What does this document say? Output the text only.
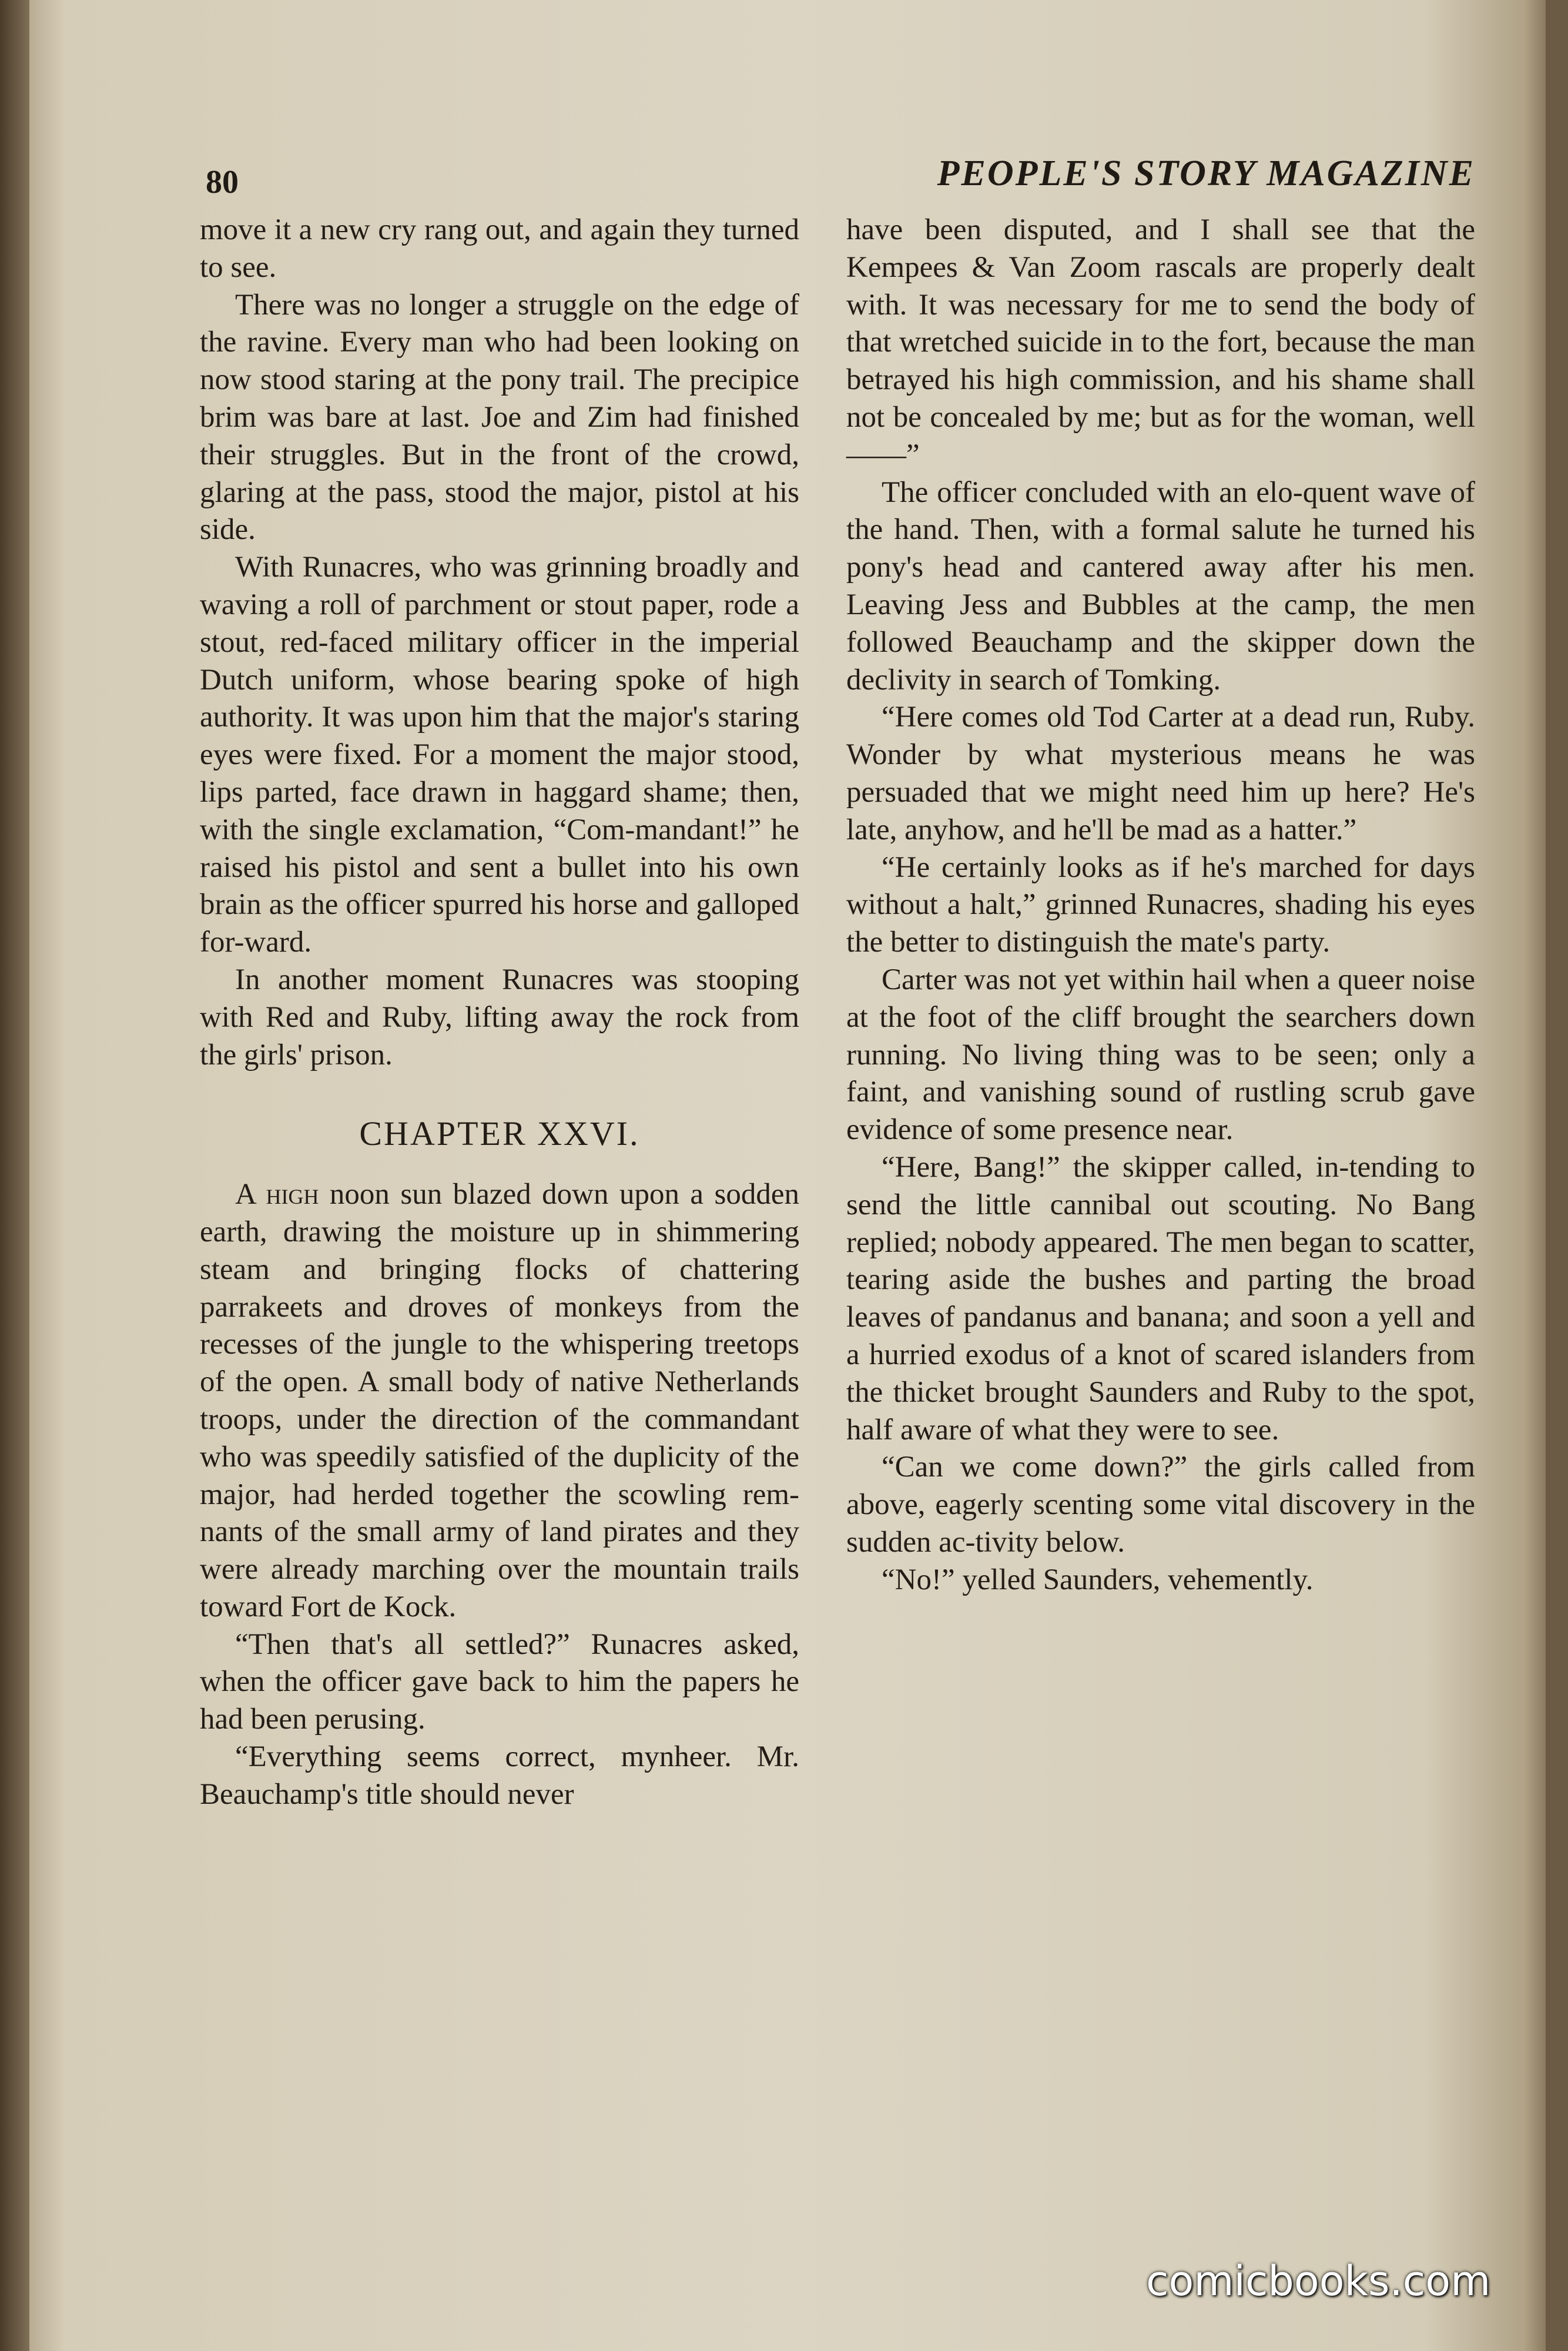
80	PEOPLE'S STORY MAGAZINE

move it a new cry rang out, and again they turned to see.

There was no longer a struggle on the edge of the ravine. Every man who had been looking on now stood staring at the pony trail. The precipice brim was bare at last. Joe and Zim had finished their struggles. But in the front of the crowd, glaring at the pass, stood the major, pistol at his side.

With Runacres, who was grinning broadly and waving a roll of parchment or stout paper, rode a stout, red-faced military officer in the imperial Dutch uniform, whose bearing spoke of high authority. It was upon him that the major's staring eyes were fixed. For a moment the major stood, lips parted, face drawn in haggard shame; then, with the single exclamation, “Com-mandant!” he raised his pistol and sent a bullet into his own brain as the officer spurred his horse and galloped for-ward.

In another moment Runacres was stooping with Red and Ruby, lifting away the rock from the girls' prison.

CHAPTER XXVI.

A high noon sun blazed down upon a sodden earth, drawing the moisture up in shimmering steam and bringing flocks of chattering parrakeets and droves of monkeys from the recesses of the jungle to the whispering treetops of the open. A small body of native Netherlands troops, under the direction of the commandant who was speedily satisfied of the duplicity of the major, had herded together the scowling rem-nants of the small army of land pirates and they were already marching over the mountain trails toward Fort de Kock.

“Then that's all settled?” Runacres asked, when the officer gave back to him the papers he had been perusing.

“Everything seems correct, mynheer. Mr. Beauchamp's title should never

have been disputed, and I shall see that the Kempees & Van Zoom rascals are properly dealt with. It was necessary for me to send the body of that wretched suicide in to the fort, because the man betrayed his high commission, and his shame shall not be concealed by me; but as for the woman, well——”

The officer concluded with an elo-quent wave of the hand. Then, with a formal salute he turned his pony's head and cantered away after his men. Leaving Jess and Bubbles at the camp, the men followed Beauchamp and the skipper down the declivity in search of Tomking.

“Here comes old Tod Carter at a dead run, Ruby. Wonder by what mysterious means he was persuaded that we might need him up here? He's late, anyhow, and he'll be mad as a hatter.”

“He certainly looks as if he's marched for days without a halt,” grinned Runacres, shading his eyes the better to distinguish the mate's party.

Carter was not yet within hail when a queer noise at the foot of the cliff brought the searchers down running. No living thing was to be seen; only a faint, and vanishing sound of rustling scrub gave evidence of some presence near.

“Here, Bang!” the skipper called, in-tending to send the little cannibal out scouting. No Bang replied; nobody appeared. The men began to scatter, tearing aside the bushes and parting the broad leaves of pandanus and banana; and soon a yell and a hurried exodus of a knot of scared islanders from the thicket brought Saunders and Ruby to the spot, half aware of what they were to see.

“Can we come down?” the girls called from above, eagerly scenting some vital discovery in the sudden ac-tivity below.

“No!” yelled Saunders, vehemently.

comicbooks.com
